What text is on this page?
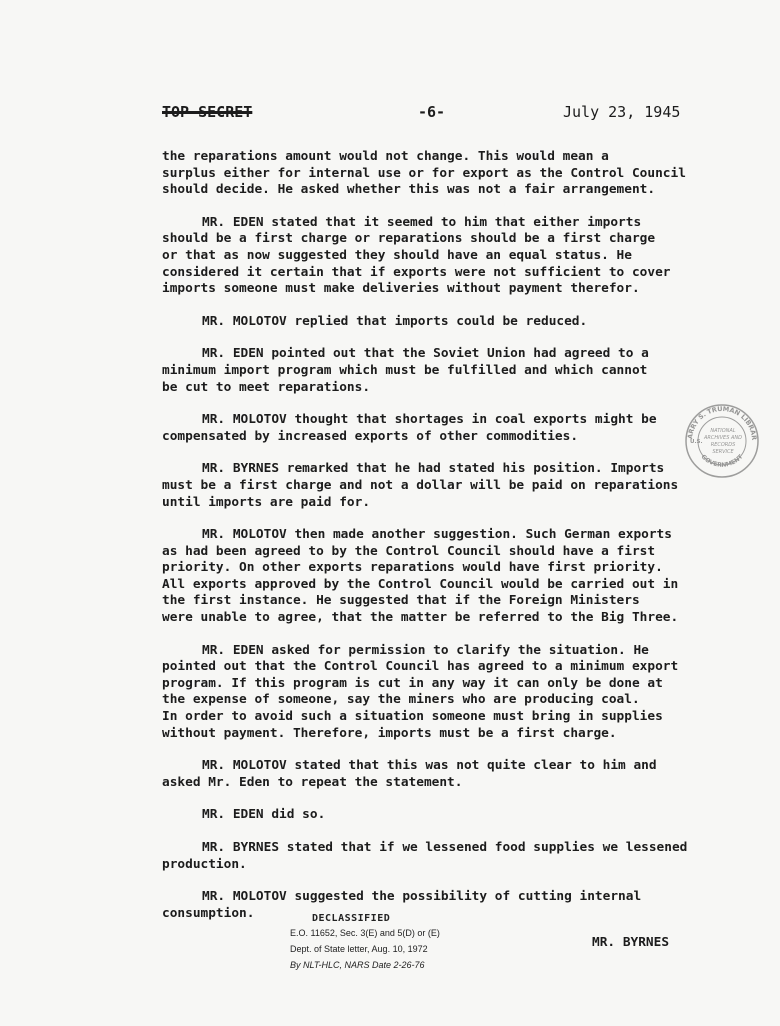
TOP SECRET	-6-	July 23, 1945
the reparations amount would not change. This would mean a
surplus either for internal use or for export as the Control Council
should decide. He asked whether this was not a fair arrangement.
MR. EDEN stated that it seemed to him that either imports
should be a first charge or reparations should be a first charge
or that as now suggested they should have an equal status. He
considered it certain that if exports were not sufficient to cover
imports someone must make deliveries without payment therefor.
MR. MOLOTOV replied that imports could be reduced.
MR. EDEN pointed out that the Soviet Union had agreed to a
minimum import program which must be fulfilled and which cannot
be cut to meet reparations.
MR. MOLOTOV thought that shortages in coal exports might be
compensated by increased exports of other commodities.
MR. BYRNES remarked that he had stated his position. Imports
must be a first charge and not a dollar will be paid on reparations
until imports are paid for.
MR. MOLOTOV then made another suggestion. Such German exports
as had been agreed to by the Control Council should have a first
priority. On other exports reparations would have first priority.
All exports approved by the Control Council would be carried out in
the first instance. He suggested that if the Foreign Ministers
were unable to agree, that the matter be referred to the Big Three.
MR. EDEN asked for permission to clarify the situation. He
pointed out that the Control Council has agreed to a minimum export
program. If this program is cut in any way it can only be done at
the expense of someone, say the miners who are producing coal.
In order to avoid such a situation someone must bring in supplies
without payment. Therefore, imports must be a first charge.
MR. MOLOTOV stated that this was not quite clear to him and
asked Mr. Eden to repeat the statement.
MR. EDEN did so.
MR. BYRNES stated that if we lessened food supplies we lessened
production.
MR. MOLOTOV suggested the possibility of cutting internal
consumption.
ARRY S. TRUMAN LIBRAR
GOVERNMENT
U.S.
NATIONAL
ARCHIVES AND
RECORDS
SERVICE
DECLASSIFIED
E.O. 11652, Sec. 3(E) and 5(D) or (E)
Dept. of State letter, Aug. 10, 1972
By NLT-HLC, NARS Date 2-26-76
MR. BYRNES
